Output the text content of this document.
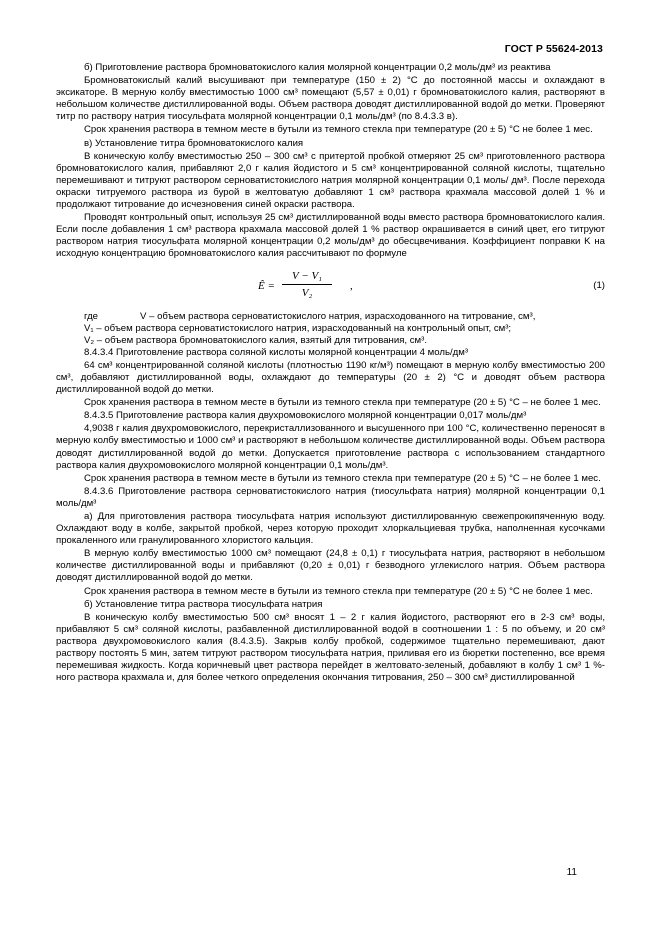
ГОСТ Р 55624-2013

б) Приготовление раствора бромноватокислого калия молярной концентрации 0,2 моль/дм³ из реактива

Бромноватокислый калий высушивают при температуре (150 ± 2) °С до постоянной массы и охлаждают в эксикаторе. В мерную колбу вместимостью 1000 см³ помещают (5,57 ± 0,01) г бромноватокислого калия, растворяют в небольшом количестве дистиллированной воды. Объем раствора доводят дистиллированной водой до метки. Проверяют титр по раствору натрия тиосульфата молярной концентрации 0,1 моль/дм³ (по 8.4.3.3 в).

Срок хранения раствора в темном месте в бутыли из темного стекла при температуре (20 ± 5) °С не более 1 мес.

в) Установление титра бромноватокислого калия

В коническую колбу вместимостью 250 – 300 см³ с притертой пробкой отмеряют 25 см³ приготовленного раствора бромноватокислого калия, прибавляют 2,0 г калия йодистого и 5 см³ концентрированной соляной кислоты, тщательно перемешивают и титруют раствором серноватистокислого натрия молярной концентрации 0,1 моль/ дм³. После перехода окраски титруемого раствора из бурой в желтоватую добавляют 1 см³ раствора крахмала массовой долей 1 % и продолжают титрование до исчезновения синей окраски раствора.

Проводят контрольный опыт, используя 25 см³ дистиллированной воды вместо раствора бромноватокислого калия. Если после добавления 1 см³ раствора крахмала массовой долей 1 % раствор окрашивается в синий цвет, его титруют раствором натрия тиосульфата молярной концентрации 0,2 моль/дм³ до обесцвечивания. Коэффициент поправки K на исходную концентрацию бромноватокислого калия рассчитывают по формуле

Ê = $\frac{\text{V − V₁}}{\text{V₂}}$ ,	(1)

где	V – объем раствора серноватистокислого натрия, израсходованного на титрование, см³,

V₁ – объем раствора серноватистокислого натрия, израсходованный на контрольный опыт, см³;

V₂ – объем раствора бромноватокислого калия, взятый для титрования, см³.

8.4.3.4 Приготовление раствора соляной кислоты молярной концентрации 4 моль/дм³

64 см³ концентрированной соляной кислоты (плотностью 1190 кг/м³) помещают в мерную колбу вместимостью 200 см³, добавляют дистиллированной воды, охлаждают до температуры (20 ± 2) °С и доводят объем раствора дистиллированной водой до метки.

Срок хранения раствора в темном месте в бутыли из темного стекла при температуре (20 ± 5) °С – не более 1 мес.

8.4.3.5 Приготовление раствора калия двухромовокислого молярной концентрации 0,017 моль/дм³

4,9038 г калия двухромовокислого, перекристаллизованного и высушенного при 100 °С, количественно переносят в мерную колбу вместимостью и 1000 см³ и растворяют в небольшом количестве дистиллированной воды. Объем раствора доводят дистиллированной водой до метки. Допускается приготовление раствора с использованием стандартного раствора калия двухромовокислого молярной концентрации 0,1 моль/дм³.

Срок хранения раствора в темном месте в бутыли из темного стекла при температуре (20 ± 5) °С – не более 1 мес.

8.4.3.6 Приготовление раствора серноватистокислого натрия (тиосульфата натрия) молярной концентрации 0,1 моль/дм³

а) Для приготовления раствора тиосульфата натрия используют дистиллированную свежепрокипяченную воду. Охлаждают воду в колбе, закрытой пробкой, через которую проходит хлоркальциевая трубка, наполненная кусочками прокаленного или гранулированного хлористого кальция.

В мерную колбу вместимостью 1000 см³ помещают (24,8 ± 0,1) г тиосульфата натрия, растворяют в небольшом количестве дистиллированной воды и прибавляют (0,20 ± 0,01) г безводного углекислого натрия. Объем раствора доводят дистиллированной водой до метки.

Срок хранения раствора в темном месте в бутыли из темного стекла при температуре (20 ± 5) °С не более 1 мес.

б) Установление титра раствора тиосульфата натрия

В коническую колбу вместимостью 500 см³ вносят 1 – 2 г калия йодистого, растворяют его в 2-3 см³ воды, прибавляют 5 см³ соляной кислоты, разбавленной дистиллированной водой в соотношении 1 : 5 по объему, и 20 см³ раствора двухромовокислого калия (8.4.3.5). Закрыв колбу пробкой, содержимое тщательно перемешивают, дают раствору постоять 5 мин, затем титруют раствором тиосульфата натрия, приливая его из бюретки постепенно, все время перемешивая жидкость. Когда коричневый цвет раствора перейдет в желтовато-зеленый, добавляют в колбу 1 см³ 1 %-ного раствора крахмала и, для более четкого определения окончания титрования, 250 – 300 см³ дистиллированной

11
